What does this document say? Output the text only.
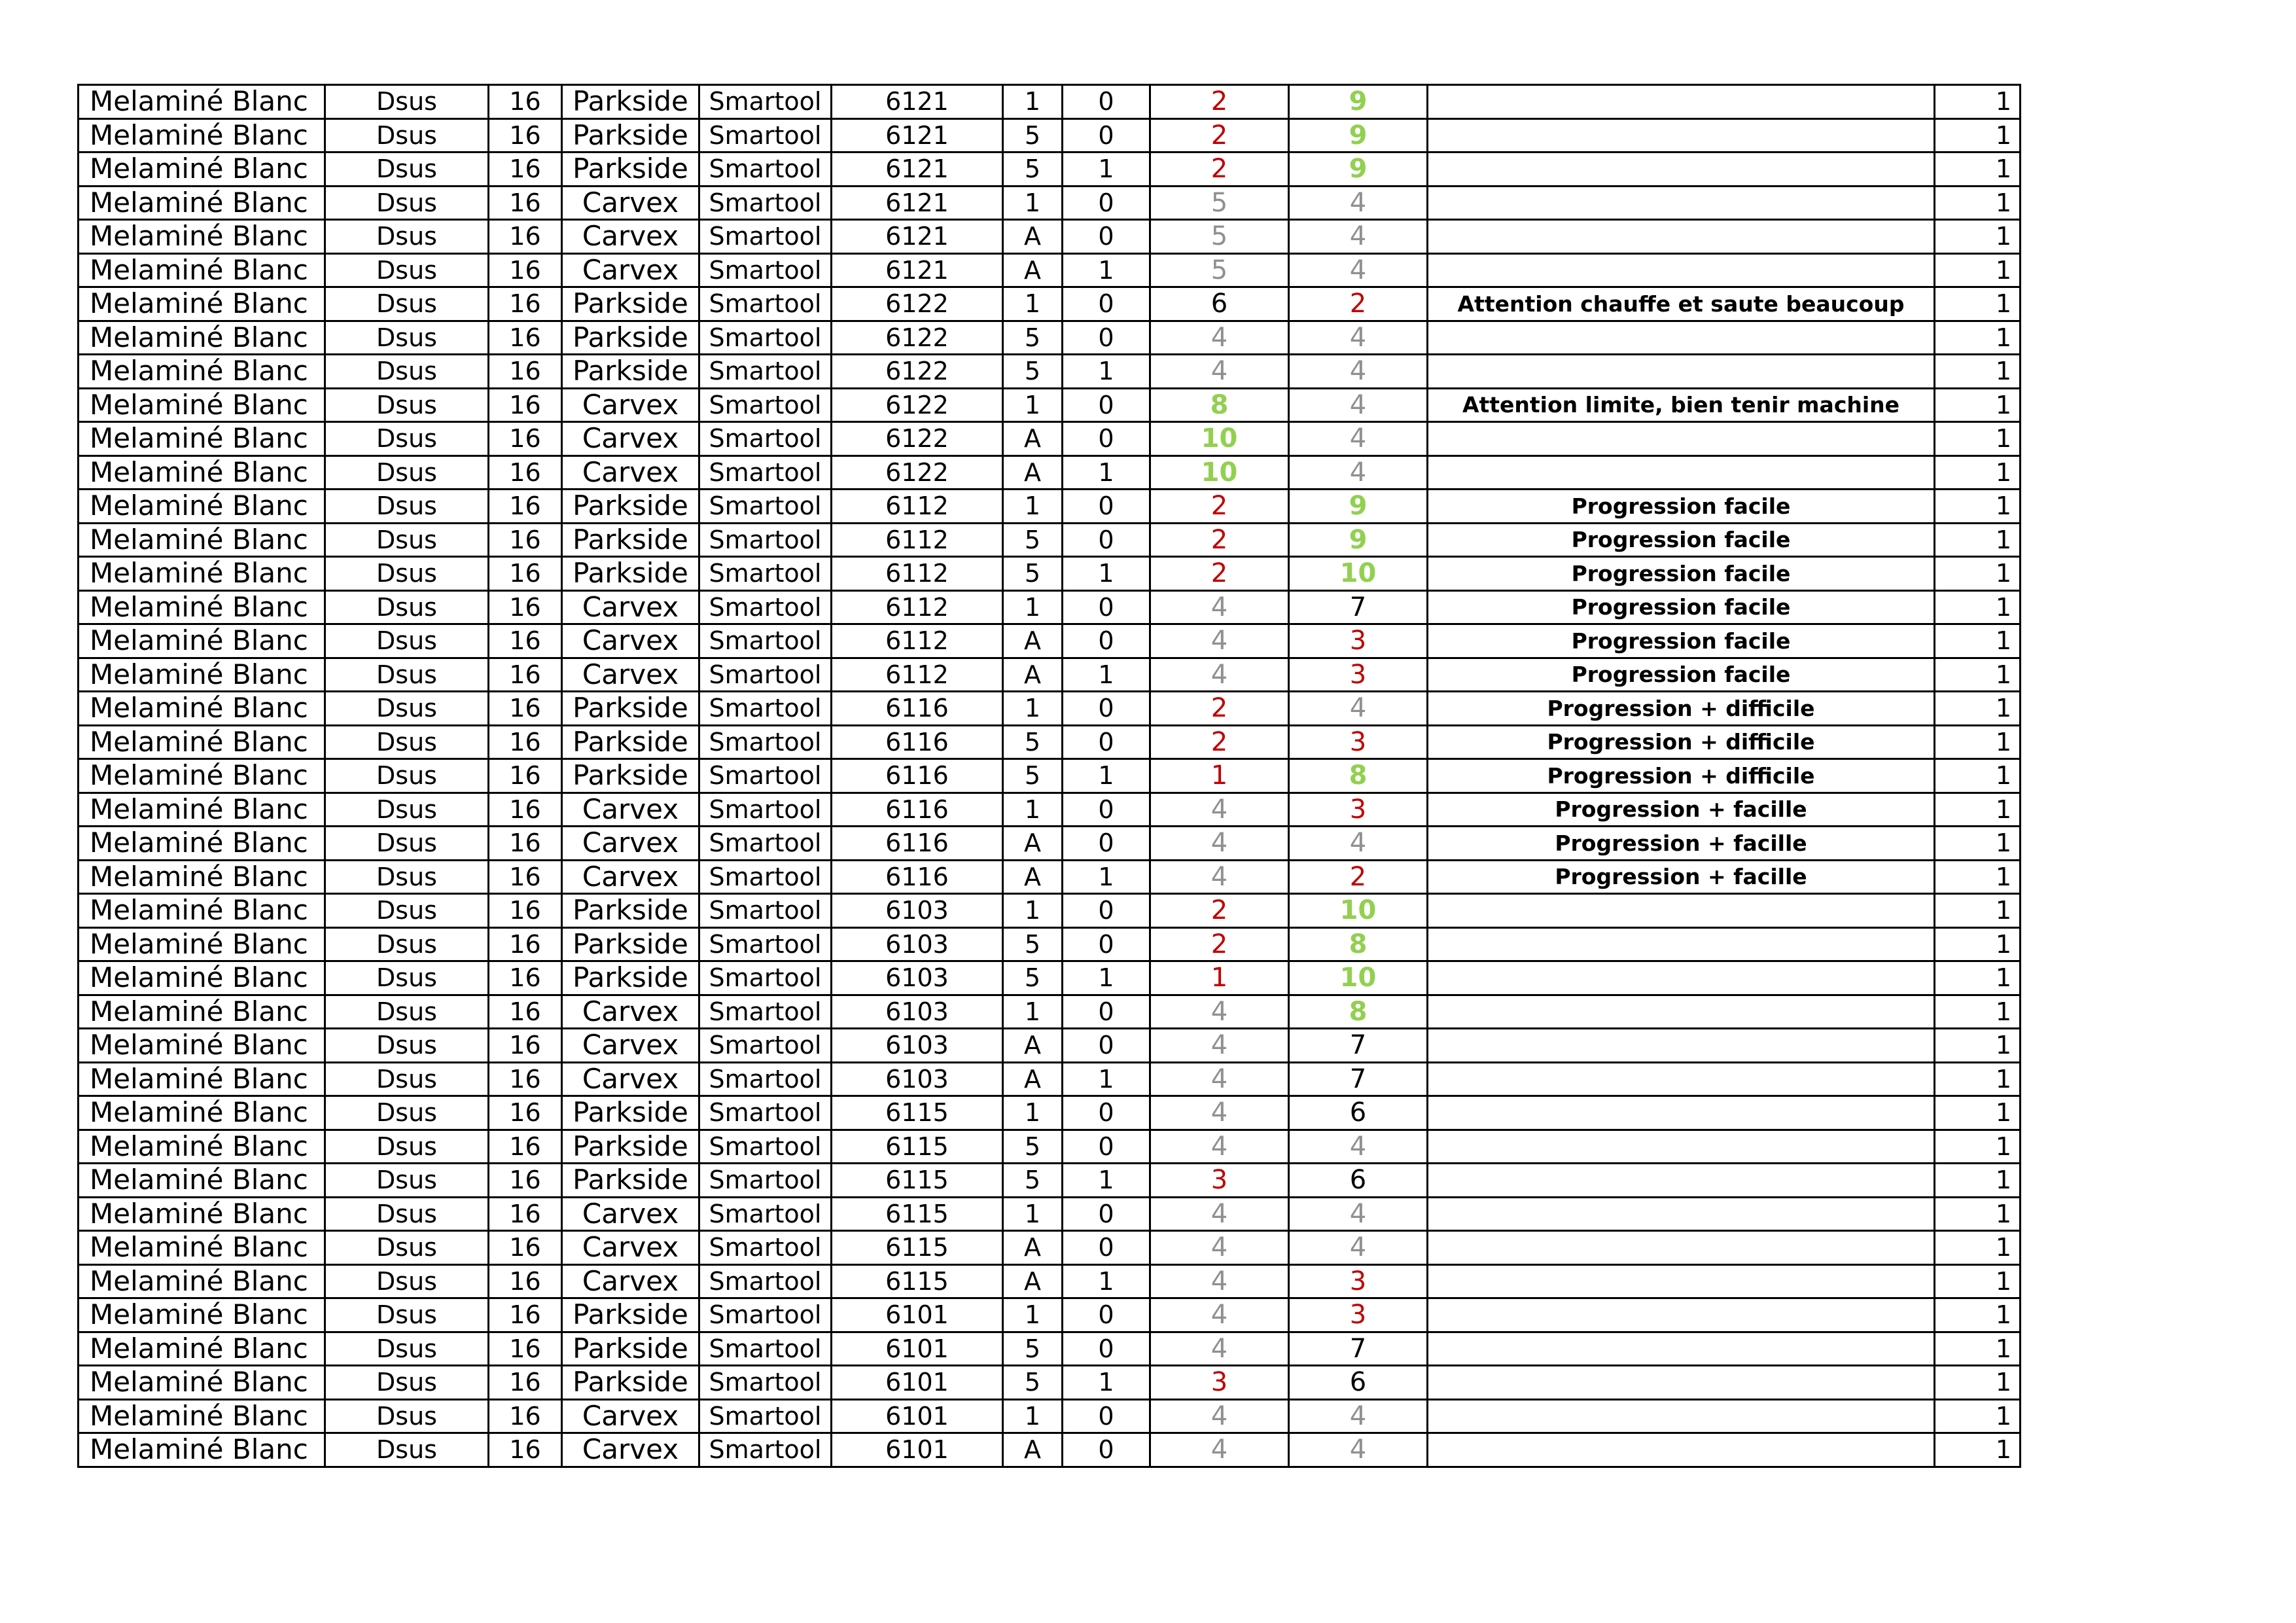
Melaminé Blanc	Dsus	16	Parkside	Smartool	6121	1	0	2	9		1
Melaminé Blanc	Dsus	16	Parkside	Smartool	6121	5	0	2	9		1
Melaminé Blanc	Dsus	16	Parkside	Smartool	6121	5	1	2	9		1
Melaminé Blanc	Dsus	16	Carvex	Smartool	6121	1	0	5	4		1
Melaminé Blanc	Dsus	16	Carvex	Smartool	6121	A	0	5	4		1
Melaminé Blanc	Dsus	16	Carvex	Smartool	6121	A	1	5	4		1
Melaminé Blanc	Dsus	16	Parkside	Smartool	6122	1	0	6	2	Attention chauffe et saute beaucoup	1
Melaminé Blanc	Dsus	16	Parkside	Smartool	6122	5	0	4	4		1
Melaminé Blanc	Dsus	16	Parkside	Smartool	6122	5	1	4	4		1
Melaminé Blanc	Dsus	16	Carvex	Smartool	6122	1	0	8	4	Attention limite, bien tenir machine	1
Melaminé Blanc	Dsus	16	Carvex	Smartool	6122	A	0	10	4		1
Melaminé Blanc	Dsus	16	Carvex	Smartool	6122	A	1	10	4		1
Melaminé Blanc	Dsus	16	Parkside	Smartool	6112	1	0	2	9	Progression facile	1
Melaminé Blanc	Dsus	16	Parkside	Smartool	6112	5	0	2	9	Progression facile	1
Melaminé Blanc	Dsus	16	Parkside	Smartool	6112	5	1	2	10	Progression facile	1
Melaminé Blanc	Dsus	16	Carvex	Smartool	6112	1	0	4	7	Progression facile	1
Melaminé Blanc	Dsus	16	Carvex	Smartool	6112	A	0	4	3	Progression facile	1
Melaminé Blanc	Dsus	16	Carvex	Smartool	6112	A	1	4	3	Progression facile	1
Melaminé Blanc	Dsus	16	Parkside	Smartool	6116	1	0	2	4	Progression + difficile	1
Melaminé Blanc	Dsus	16	Parkside	Smartool	6116	5	0	2	3	Progression + difficile	1
Melaminé Blanc	Dsus	16	Parkside	Smartool	6116	5	1	1	8	Progression + difficile	1
Melaminé Blanc	Dsus	16	Carvex	Smartool	6116	1	0	4	3	Progression + facille	1
Melaminé Blanc	Dsus	16	Carvex	Smartool	6116	A	0	4	4	Progression + facille	1
Melaminé Blanc	Dsus	16	Carvex	Smartool	6116	A	1	4	2	Progression + facille	1
Melaminé Blanc	Dsus	16	Parkside	Smartool	6103	1	0	2	10		1
Melaminé Blanc	Dsus	16	Parkside	Smartool	6103	5	0	2	8		1
Melaminé Blanc	Dsus	16	Parkside	Smartool	6103	5	1	1	10		1
Melaminé Blanc	Dsus	16	Carvex	Smartool	6103	1	0	4	8		1
Melaminé Blanc	Dsus	16	Carvex	Smartool	6103	A	0	4	7		1
Melaminé Blanc	Dsus	16	Carvex	Smartool	6103	A	1	4	7		1
Melaminé Blanc	Dsus	16	Parkside	Smartool	6115	1	0	4	6		1
Melaminé Blanc	Dsus	16	Parkside	Smartool	6115	5	0	4	4		1
Melaminé Blanc	Dsus	16	Parkside	Smartool	6115	5	1	3	6		1
Melaminé Blanc	Dsus	16	Carvex	Smartool	6115	1	0	4	4		1
Melaminé Blanc	Dsus	16	Carvex	Smartool	6115	A	0	4	4		1
Melaminé Blanc	Dsus	16	Carvex	Smartool	6115	A	1	4	3		1
Melaminé Blanc	Dsus	16	Parkside	Smartool	6101	1	0	4	3		1
Melaminé Blanc	Dsus	16	Parkside	Smartool	6101	5	0	4	7		1
Melaminé Blanc	Dsus	16	Parkside	Smartool	6101	5	1	3	6		1
Melaminé Blanc	Dsus	16	Carvex	Smartool	6101	1	0	4	4		1
Melaminé Blanc	Dsus	16	Carvex	Smartool	6101	A	0	4	4		1
